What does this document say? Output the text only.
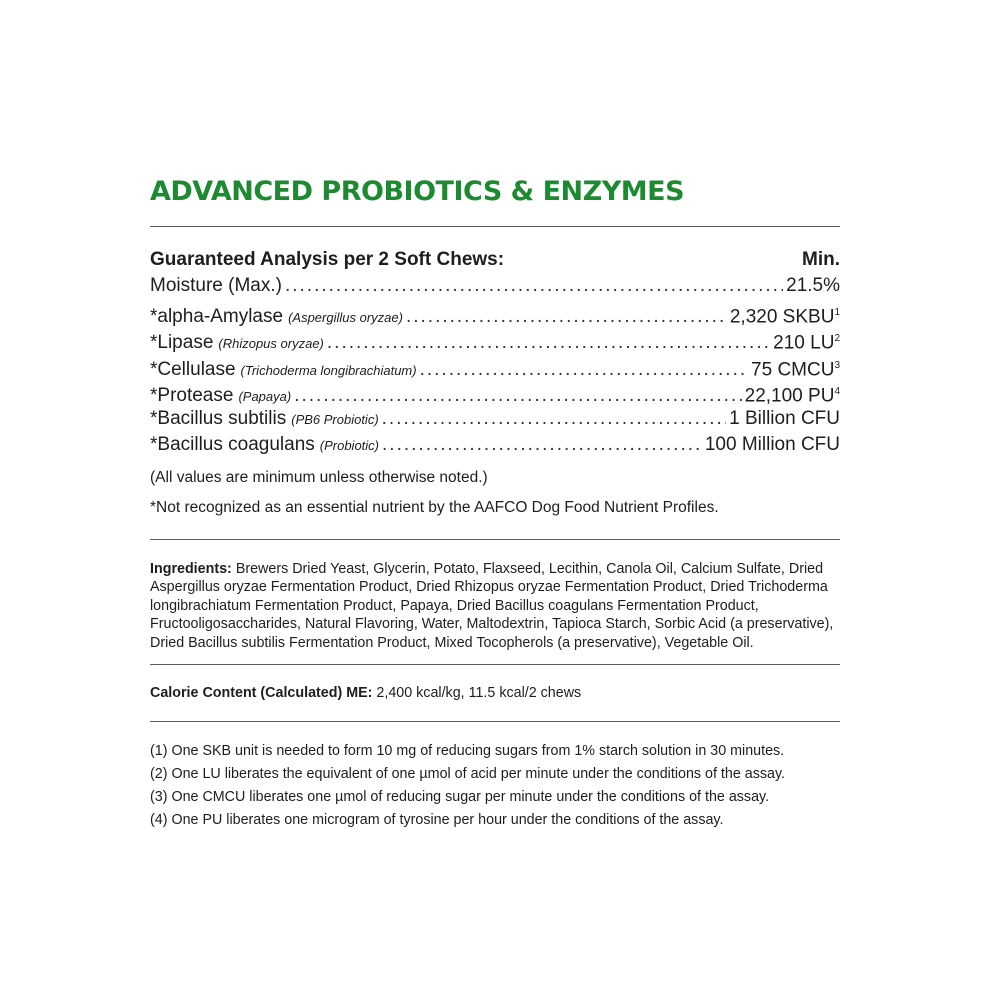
ADVANCED PROBIOTICS & ENZYMES
Guaranteed Analysis per 2 Soft Chews:	Min.
Moisture (Max.) .....	21.5%
*alpha-Amylase (Aspergillus oryzae) .....	2,320 SKBU$^1$
*Lipase (Rhizopus oryzae) .....	210 $LU^2$
*Cellulase (Trichoderma longibrachiatum) .....	75 CMCU$^3$
*Protease (Papaya) .....	22,100 $PU^4$
*Bacillus subtilis (PB6 Probiotic) .....	1 Billion CFU
*Bacillus coagulans (Probiotic) .....	100 Million CFU
(All values are minimum unless otherwise noted.)
*Not recognized as an essential nutrient by the AAFCO Dog Food Nutrient Profiles.
Ingredients: Brewers Dried Yeast, Glycerin, Potato, Flaxseed, Lecithin, Canola Oil, Calcium Sulfate, Dried Aspergillus oryzae Fermentation Product, Dried Rhizopus oryzae Fermentation Product, Dried Trichoderma longibrachiatum Fermentation Product, Papaya, Dried Bacillus coagulans Fermentation Product, Fructooligosaccharides, Natural Flavoring, Water, Maltodextrin, Tapioca Starch, Sorbic Acid (a preservative), Dried Bacillus subtilis Fermentation Product, Mixed Tocopherols (a preservative), Vegetable Oil.
Calorie Content (Calculated) ME: 2,400 kcal/kg, 11.5 kcal/2 chews
(1) One SKB unit is needed to form 10 mg of reducing sugars from 1% starch solution in 30 minutes.
(2) One LU liberates the equivalent of one µmol of acid per minute under the conditions of the assay.
(3) One CMCU liberates one µmol of reducing sugar per minute under the conditions of the assay.
(4) One PU liberates one microgram of tyrosine per hour under the conditions of the assay.
